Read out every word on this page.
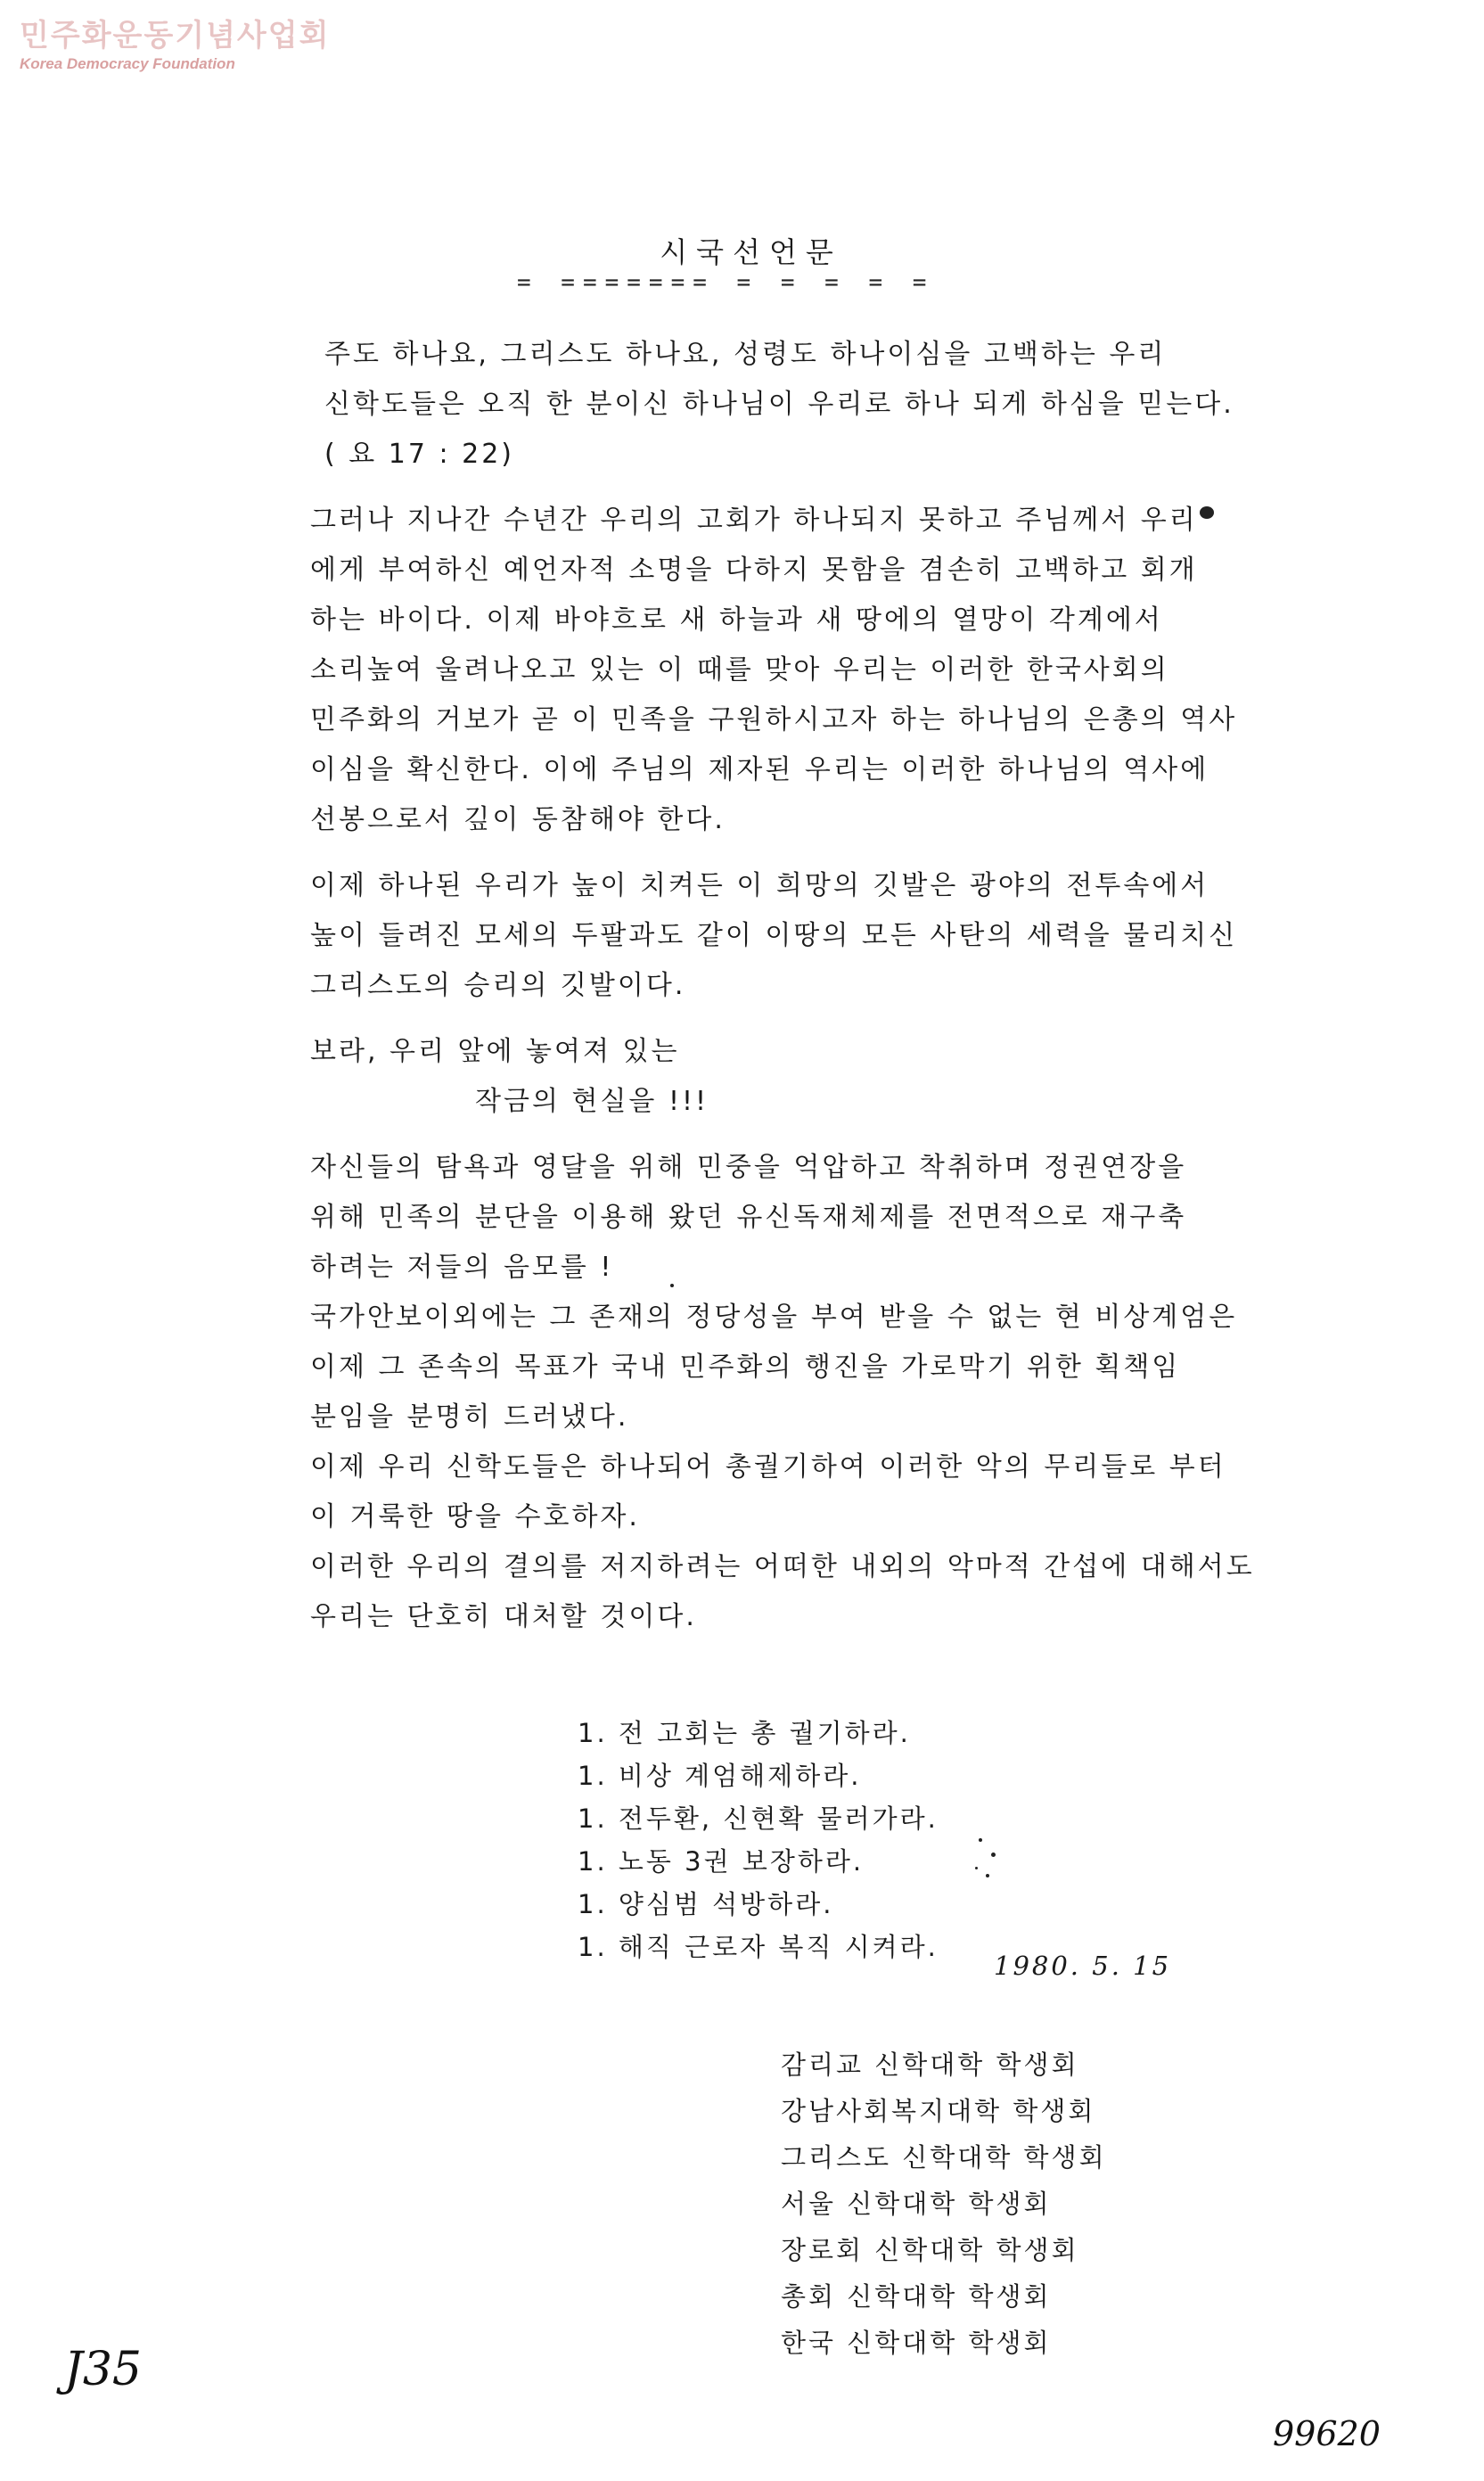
민주화운동기념사업회
Korea Democracy Foundation
시국선언문
= ======= = = = = =
주도 하나요, 그리스도 하나요, 성령도 하나이심을 고백하는 우리
신학도들은 오직 한 분이신 하나님이 우리로 하나 되게 하심을 믿는다.
( 요 17 : 22)
그러나 지나간 수년간 우리의 고회가 하나되지 못하고 주님께서 우리
에게 부여하신 예언자적 소명을 다하지 못함을 겸손히 고백하고 회개
하는 바이다. 이제 바야흐로 새 하늘과 새 땅에의 열망이 각계에서
소리높여 울려나오고 있는 이 때를 맞아 우리는 이러한 한국사회의
민주화의 거보가 곧 이 민족을 구원하시고자 하는 하나님의 은총의 역사
이심을 확신한다. 이에 주님의 제자된 우리는 이러한 하나님의 역사에
선봉으로서 깊이 동참해야 한다.
이제 하나된 우리가 높이 치켜든 이 희망의 깃발은 광야의 전투속에서
높이 들려진 모세의 두팔과도 같이 이땅의 모든 사탄의 세력을 물리치신
그리스도의 승리의 깃발이다.
보라, 우리 앞에 놓여져 있는
작금의 현실을 !!!
자신들의 탐욕과 영달을 위해 민중을 억압하고 착취하며 정권연장을
위해 민족의 분단을 이용해 왔던 유신독재체제를 전면적으로 재구축
하려는 저들의 음모를 !
국가안보이외에는 그 존재의 정당성을 부여 받을 수 없는 현 비상계엄은
이제 그 존속의 목표가 국내 민주화의 행진을 가로막기 위한 획책임
분임을 분명히 드러냈다.
이제 우리 신학도들은 하나되어 총궐기하여 이러한 악의 무리들로 부터
이 거룩한 땅을 수호하자.
이러한 우리의 결의를 저지하려는 어떠한 내외의 악마적 간섭에 대해서도
우리는 단호히 대처할 것이다.
1. 전 고회는 총 궐기하라.
1. 비상 계엄해제하라.
1. 전두환, 신현확 물러가라.
1. 노동 3권 보장하라.
1. 양심범 석방하라.
1. 해직 근로자 복직 시켜라.
1980. 5. 15
감리교 신학대학 학생회
강남사회복지대학 학생회
그리스도 신학대학 학생회
서울 신학대학 학생회
장로회 신학대학 학생회
총회 신학대학 학생회
한국 신학대학 학생회
J35
99620
